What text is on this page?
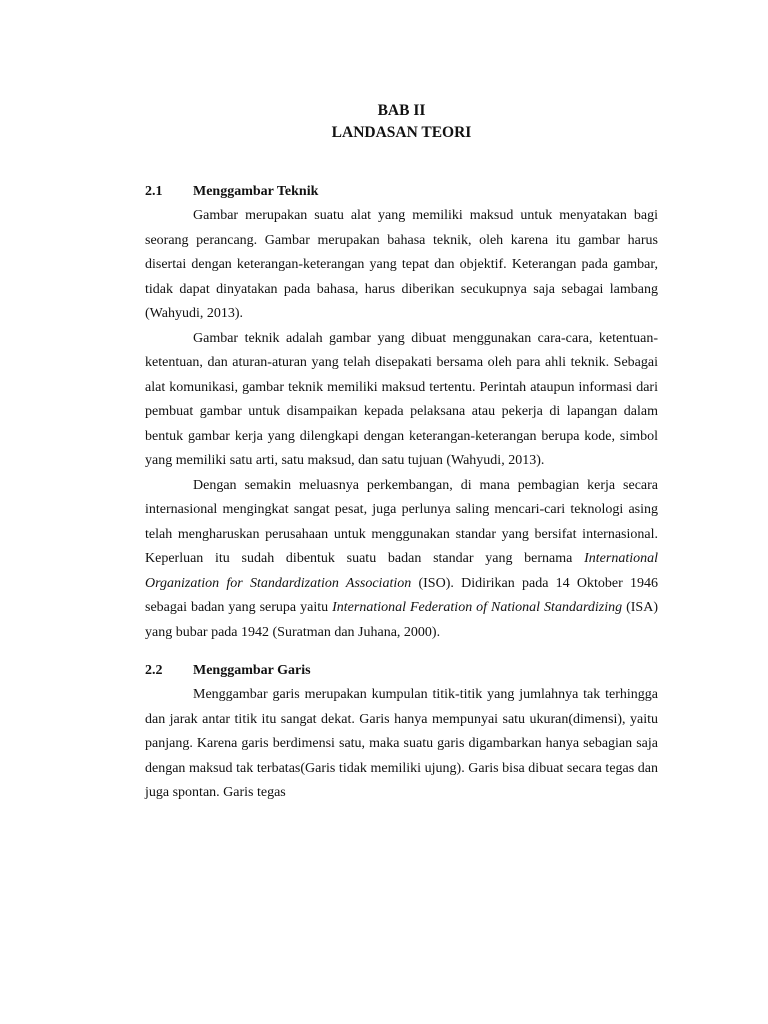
BAB II

LANDASAN TEORI

2.1	Menggambar Teknik

Gambar merupakan suatu alat yang memiliki maksud untuk menyatakan bagi seorang perancang. Gambar merupakan bahasa teknik, oleh karena itu gambar harus disertai dengan keterangan-keterangan yang tepat dan objektif. Keterangan pada gambar, tidak dapat dinyatakan pada bahasa, harus diberikan secukupnya saja sebagai lambang (Wahyudi, 2013).

Gambar teknik adalah gambar yang dibuat menggunakan cara-cara, ketentuan-ketentuan, dan aturan-aturan yang telah disepakati bersama oleh para ahli teknik. Sebagai alat komunikasi, gambar teknik memiliki maksud tertentu. Perintah ataupun informasi dari pembuat gambar untuk disampaikan kepada pelaksana atau pekerja di lapangan dalam bentuk gambar kerja yang dilengkapi dengan keterangan-keterangan berupa kode, simbol yang memiliki satu arti, satu maksud, dan satu tujuan (Wahyudi, 2013).

Dengan semakin meluasnya perkembangan, di mana pembagian kerja secara internasional mengingkat sangat pesat, juga perlunya saling mencari-cari teknologi asing telah mengharuskan perusahaan untuk menggunakan standar yang bersifat internasional. Keperluan itu sudah dibentuk suatu badan standar yang bernama International Organization for Standardization Association (ISO). Didirikan pada 14 Oktober 1946 sebagai badan yang serupa yaitu International Federation of National Standardizing (ISA) yang bubar pada 1942 (Suratman dan Juhana, 2000).

2.2	Menggambar Garis

Menggambar garis merupakan kumpulan titik-titik yang jumlahnya tak terhingga dan jarak antar titik itu sangat dekat. Garis hanya mempunyai satu ukuran(dimensi), yaitu panjang. Karena garis berdimensi satu, maka suatu garis digambarkan hanya sebagian saja dengan maksud tak terbatas(Garis tidak memiliki ujung). Garis bisa dibuat secara tegas dan juga spontan. Garis tegas
